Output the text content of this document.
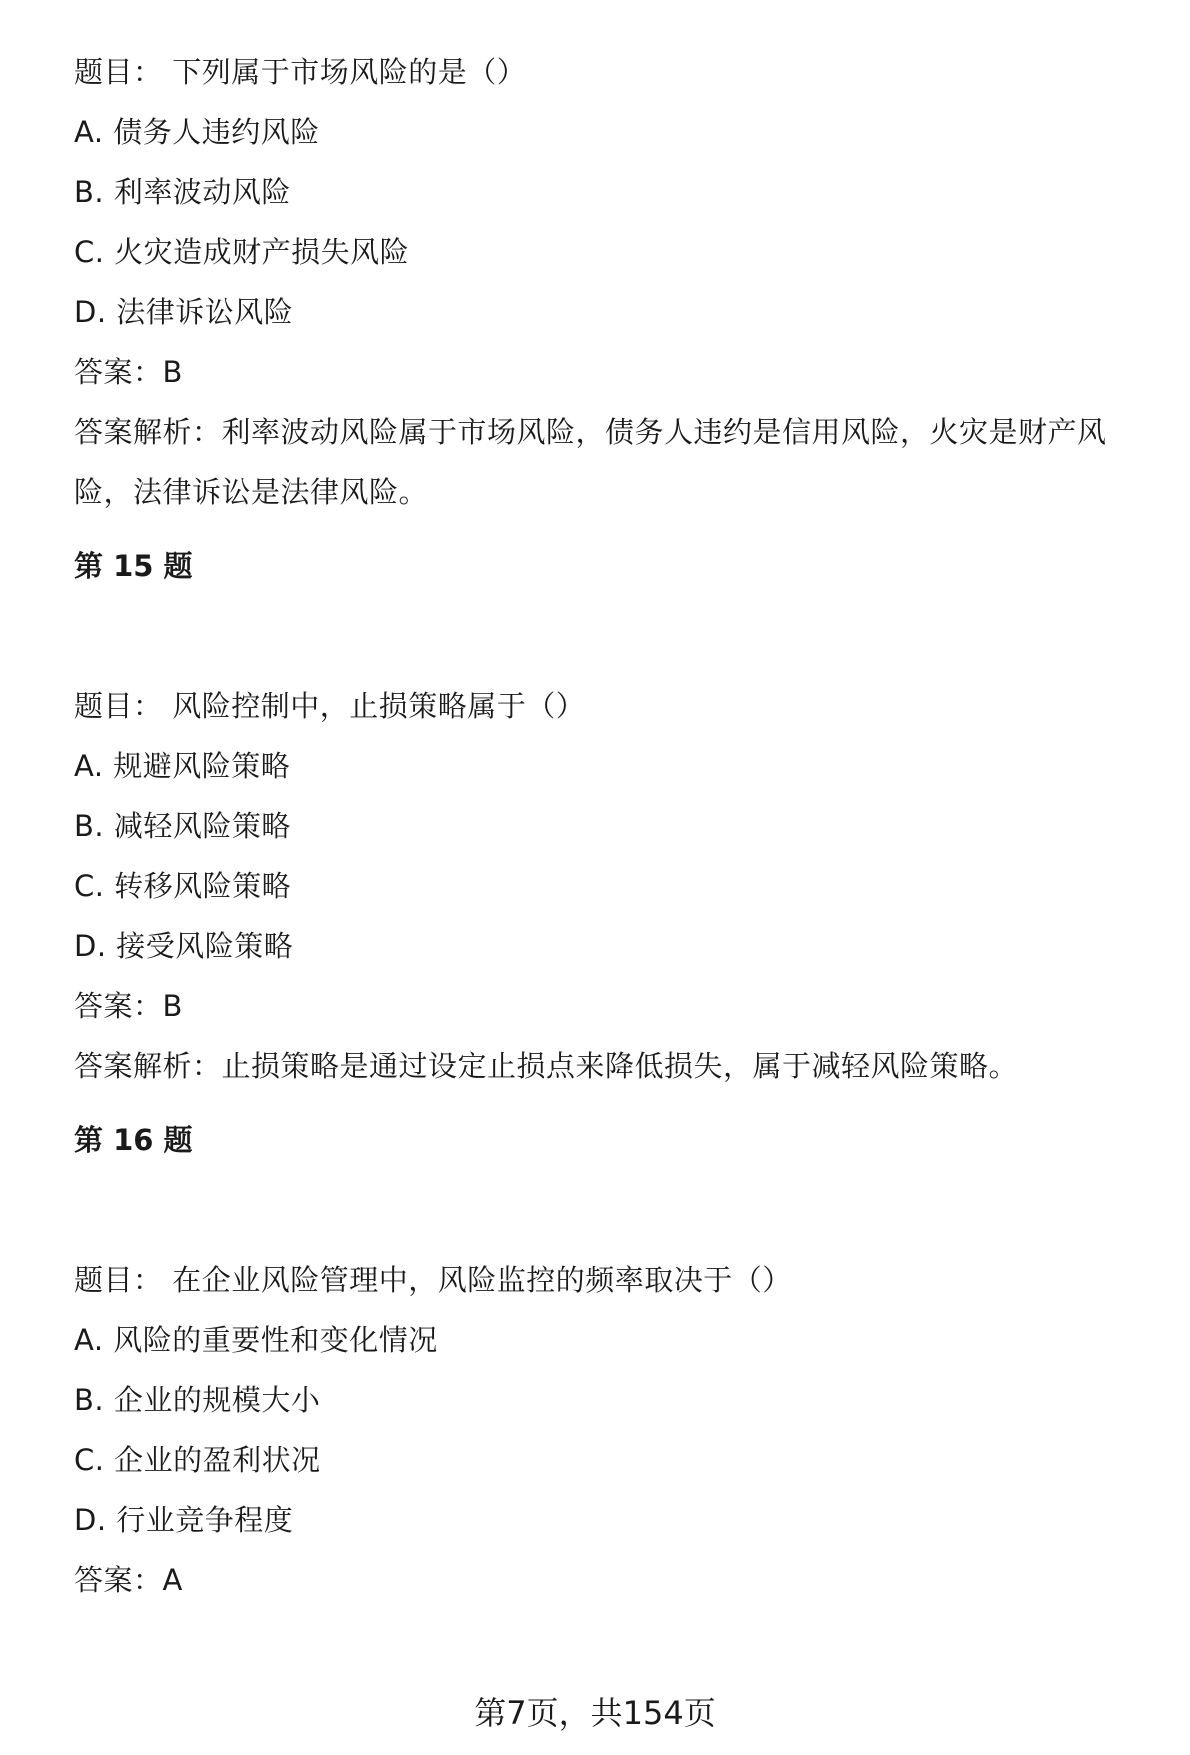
题目： 下列属于市场风险的是（）
A. 债务人违约风险
B. 利率波动风险
C. 火灾造成财产损失风险
D. 法律诉讼风险
答案：B
答案解析：利率波动风险属于市场风险，债务人违约是信用风险，火灾是财产风险，法律诉讼是法律风险。
第 15 题
题目： 风险控制中，止损策略属于（）
A. 规避风险策略
B. 减轻风险策略
C. 转移风险策略
D. 接受风险策略
答案：B
答案解析：止损策略是通过设定止损点来降低损失，属于减轻风险策略。
第 16 题
题目： 在企业风险管理中，风险监控的频率取决于（）
A. 风险的重要性和变化情况
B. 企业的规模大小
C. 企业的盈利状况
D. 行业竞争程度
答案：A
第7页，共154页
